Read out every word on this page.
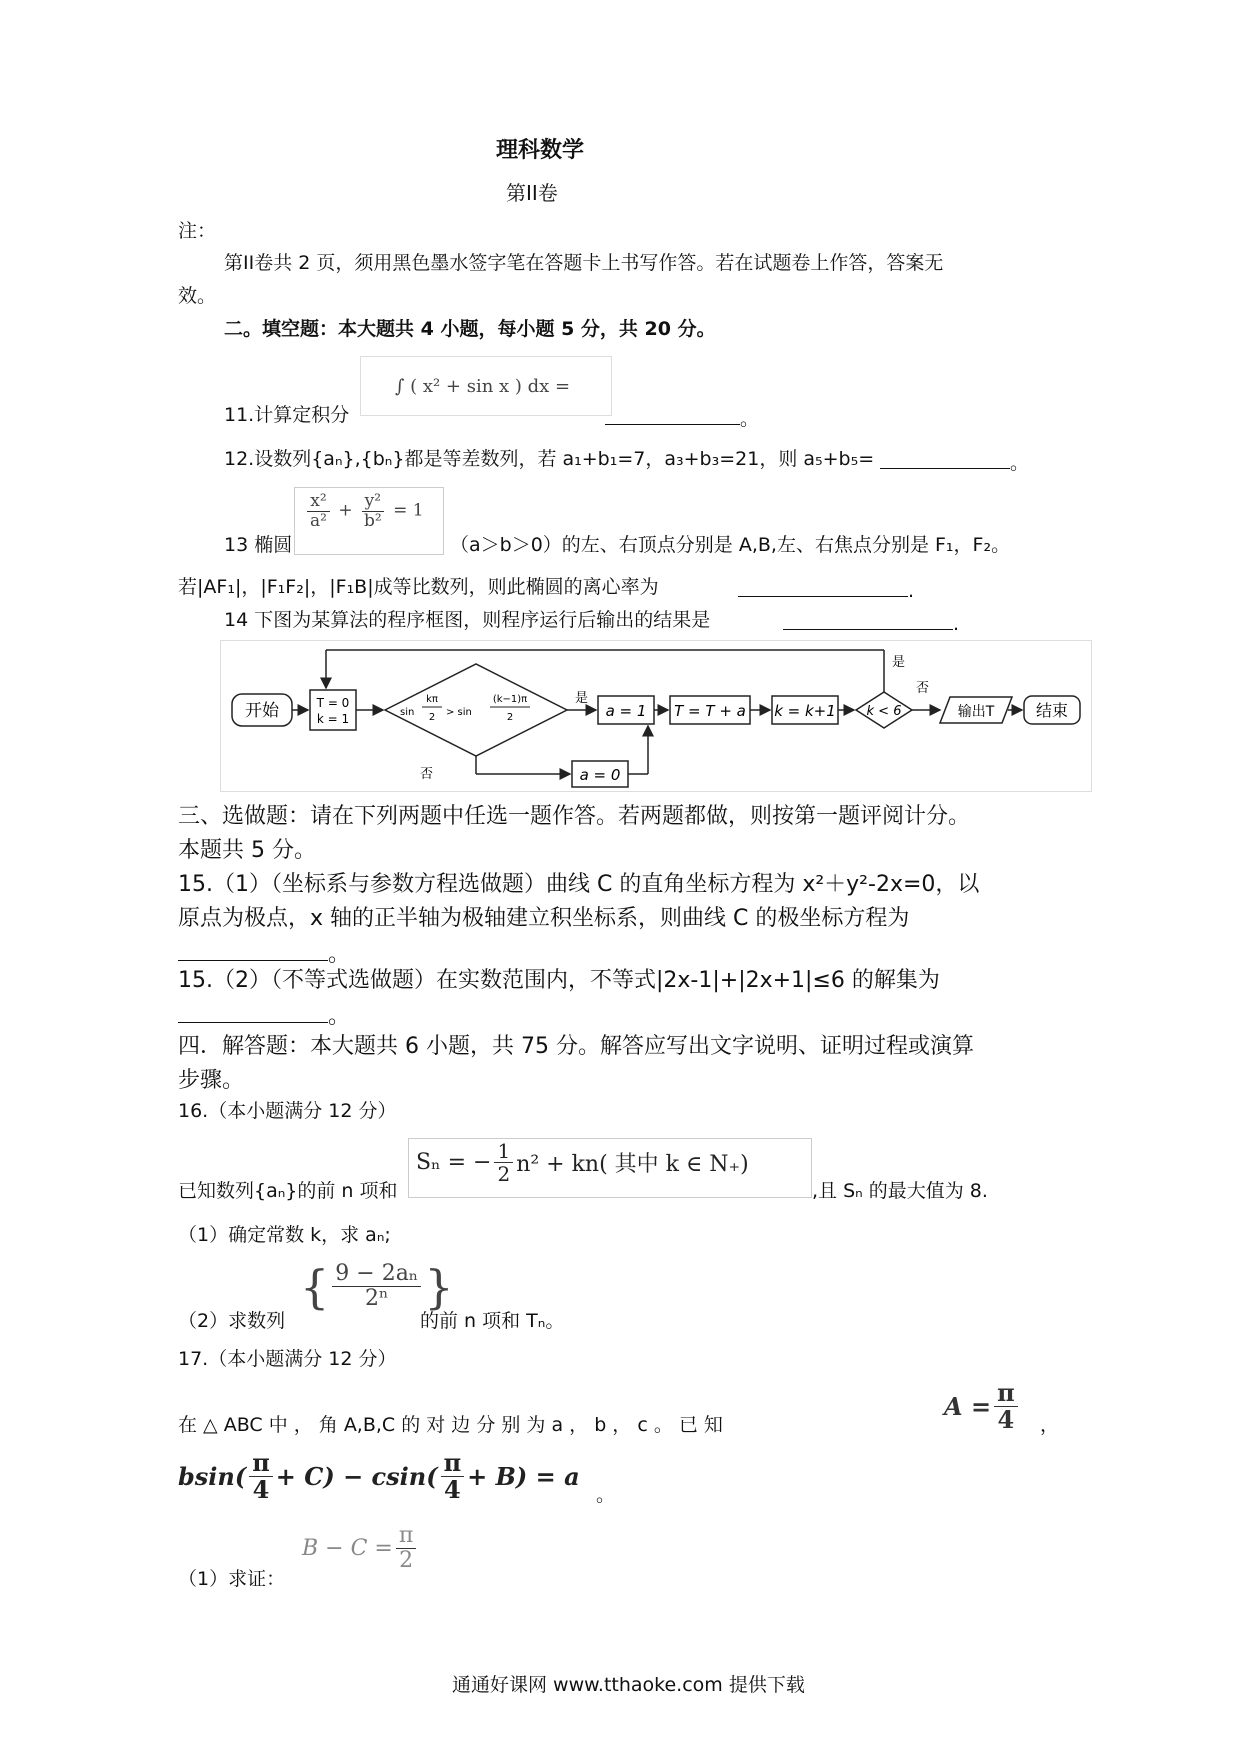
理科数学
第II卷
注：
第II卷共 2 页，须用黑色墨水签字笔在答题卡上书写作答。若在试题卷上作答，答案无
效。
二。填空题：本大题共 4 小题，每小题 5 分，共 20 分。
∫ ( x² + sin x ) dx =
11.计算定积分	。
12.设数列{aₙ},{bₙ}都是等差数列，若 a₁+b₁=7，a₃+b₃=21，则 a₅+b₅=	。
$\frac{\text{x²}}{\text{a²}} + \frac{\text{y²}}{\text{b²}} = 1$
13 椭圆	（a＞b＞0）的左、右顶点分别是 A,B,左、右焦点分别是 F₁，F₂。
若|AF₁|，|F₁F₂|，|F₁B|成等比数列，则此椭圆的离心率为	.
14 下图为某算法的程序框图，则程序运行后输出的结果是	.
开始	T = 0
k = 1	sin
kπ
2 > sin
(k−1)π
2
是
a = 1
否	a = 0
T = T + a k = k+1 k < 6
是
否
输出T	结束
三、选做题：请在下列两题中任选一题作答。若两题都做，则按第一题评阅计分。
本题共 5 分。
15.（1）（坐标系与参数方程选做题）曲线 C 的直角坐标方程为 x²＋y²-2x=0，以
原点为极点，x 轴的正半轴为极轴建立积坐标系，则曲线 C 的极坐标方程为
。
15.（2）（不等式选做题）在实数范围内，不等式|2x-1|+|2x+1|≤6 的解集为
。
四．解答题：本大题共 6 小题，共 75 分。解答应写出文字说明、证明过程或演算
步骤。
16.（本小题满分 12 分）
Sₙ = − $\frac{1}{2} n^2 + kn$( 其中 k ∈ N₊)
已知数列{aₙ}的前 n 项和	,且 Sₙ 的最大值为 8.
（1）确定常数 k，求 aₙ;
{ $\frac{\text{9 − 2aₙ}}{\text{2ⁿ}}$ }
（2）求数列	的前 n 项和 Tₙ。
17.（本小题满分 12 分）
在 △ ABC 中 ， 角 A,B,C 的 对 边 分 别 为 a ， b ， c 。 已 知
$A = \frac{\pi}{4}$ ，
$bsin( \frac{\pi}{4} + C) - csin( \frac{\pi}{4} + B) = a$
。
$B - C = \frac{\pi}{2}$
（1）求证：
通通好课网 www.tthaoke.com 提供下载
